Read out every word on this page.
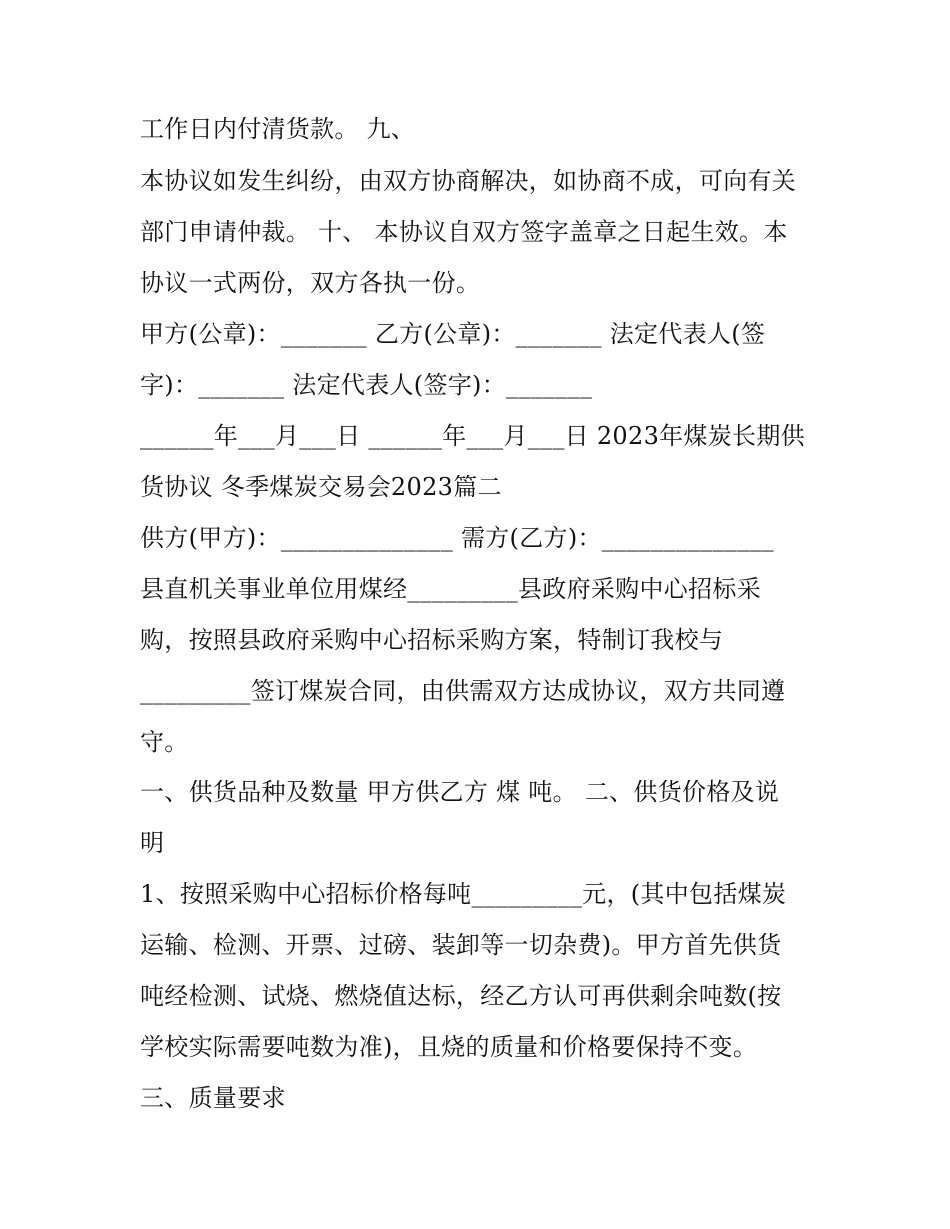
工作日内付清货款。 九、
本协议如发生纠纷，由双方协商解决，如协商不成，可向有关
部门申请仲裁。 十、 本协议自双方签字盖章之日起生效。本
协议一式两份，双方各执一份。
甲方(公章)：_______ 乙方(公章)：_______ 法定代表人(签
字)：_______ 法定代表人(签字)：_______
______年___月___日 ______年___月___日 2023年煤炭长期供
货协议 冬季煤炭交易会2023篇二
供方(甲方)：______________ 需方(乙方)：______________
县直机关事业单位用煤经_________县政府采购中心招标采
购，按照县政府采购中心招标采购方案，特制订我校与
_________签订煤炭合同，由供需双方达成协议，双方共同遵
守。
一、供货品种及数量 甲方供乙方 煤 吨。 二、供货价格及说
明
1、按照采购中心招标价格每吨_________元，(其中包括煤炭
运输、检测、开票、过磅、装卸等一切杂费)。甲方首先供货
吨经检测、试烧、燃烧值达标，经乙方认可再供剩余吨数(按
学校实际需要吨数为准)，且烧的质量和价格要保持不变。
三、质量要求
